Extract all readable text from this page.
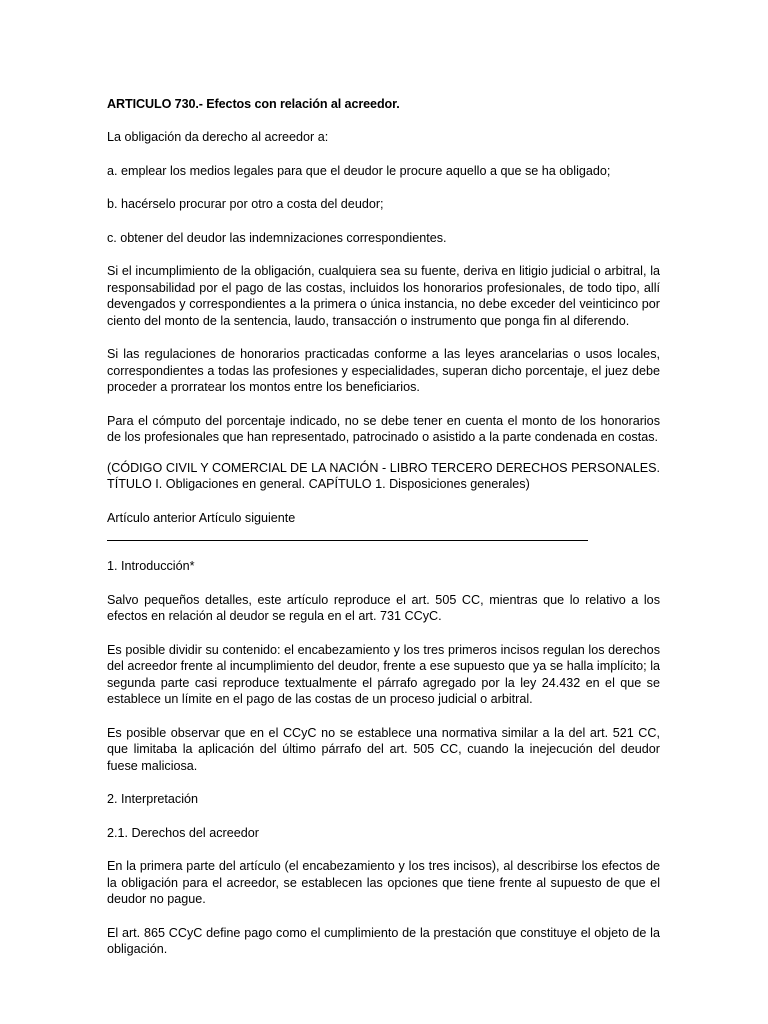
ARTICULO 730.- Efectos con relación al acreedor.

La obligación da derecho al acreedor a:

a. emplear los medios legales para que el deudor le procure aquello a que se ha obligado;

b. hacérselo procurar por otro a costa del deudor;

c. obtener del deudor las indemnizaciones correspondientes.

Si el incumplimiento de la obligación, cualquiera sea su fuente, deriva en litigio judicial o arbitral, la responsabilidad por el pago de las costas, incluidos los honorarios profesionales, de todo tipo, allí devengados y correspondientes a la primera o única instancia, no debe exceder del veinticinco por ciento del monto de la sentencia, laudo, transacción o instrumento que ponga fin al diferendo.

Si las regulaciones de honorarios practicadas conforme a las leyes arancelarias o usos locales, correspondientes a todas las profesiones y especialidades, superan dicho porcentaje, el juez debe proceder a prorratear los montos entre los beneficiarios.

Para el cómputo del porcentaje indicado, no se debe tener en cuenta el monto de los honorarios de los profesionales que han representado, patrocinado o asistido a la parte condenada en costas.

(CÓDIGO CIVIL Y COMERCIAL DE LA NACIÓN - LIBRO TERCERO DERECHOS PERSONALES. TÍTULO I. Obligaciones en general. CAPÍTULO 1. Disposiciones generales)

Artículo anterior Artículo siguiente

1. Introducción*

Salvo pequeños detalles, este artículo reproduce el art. 505 CC, mientras que lo relativo a los efectos en relación al deudor se regula en el art. 731 CCyC.

Es posible dividir su contenido: el encabezamiento y los tres primeros incisos regulan los derechos del acreedor frente al incumplimiento del deudor, frente a ese supuesto que ya se halla implícito; la segunda parte casi reproduce textualmente el párrafo agregado por la ley 24.432 en el que se establece un límite en el pago de las costas de un proceso judicial o arbitral.

Es posible observar que en el CCyC no se establece una normativa similar a la del art. 521 CC, que limitaba la aplicación del último párrafo del art. 505 CC, cuando la inejecución del deudor fuese maliciosa.

2. Interpretación

2.1. Derechos del acreedor

En la primera parte del artículo (el encabezamiento y los tres incisos), al describirse los efectos de la obligación para el acreedor, se establecen las opciones que tiene frente al supuesto de que el deudor no pague.

El art. 865 CCyC define pago como el cumplimiento de la prestación que constituye el objeto de la obligación.
